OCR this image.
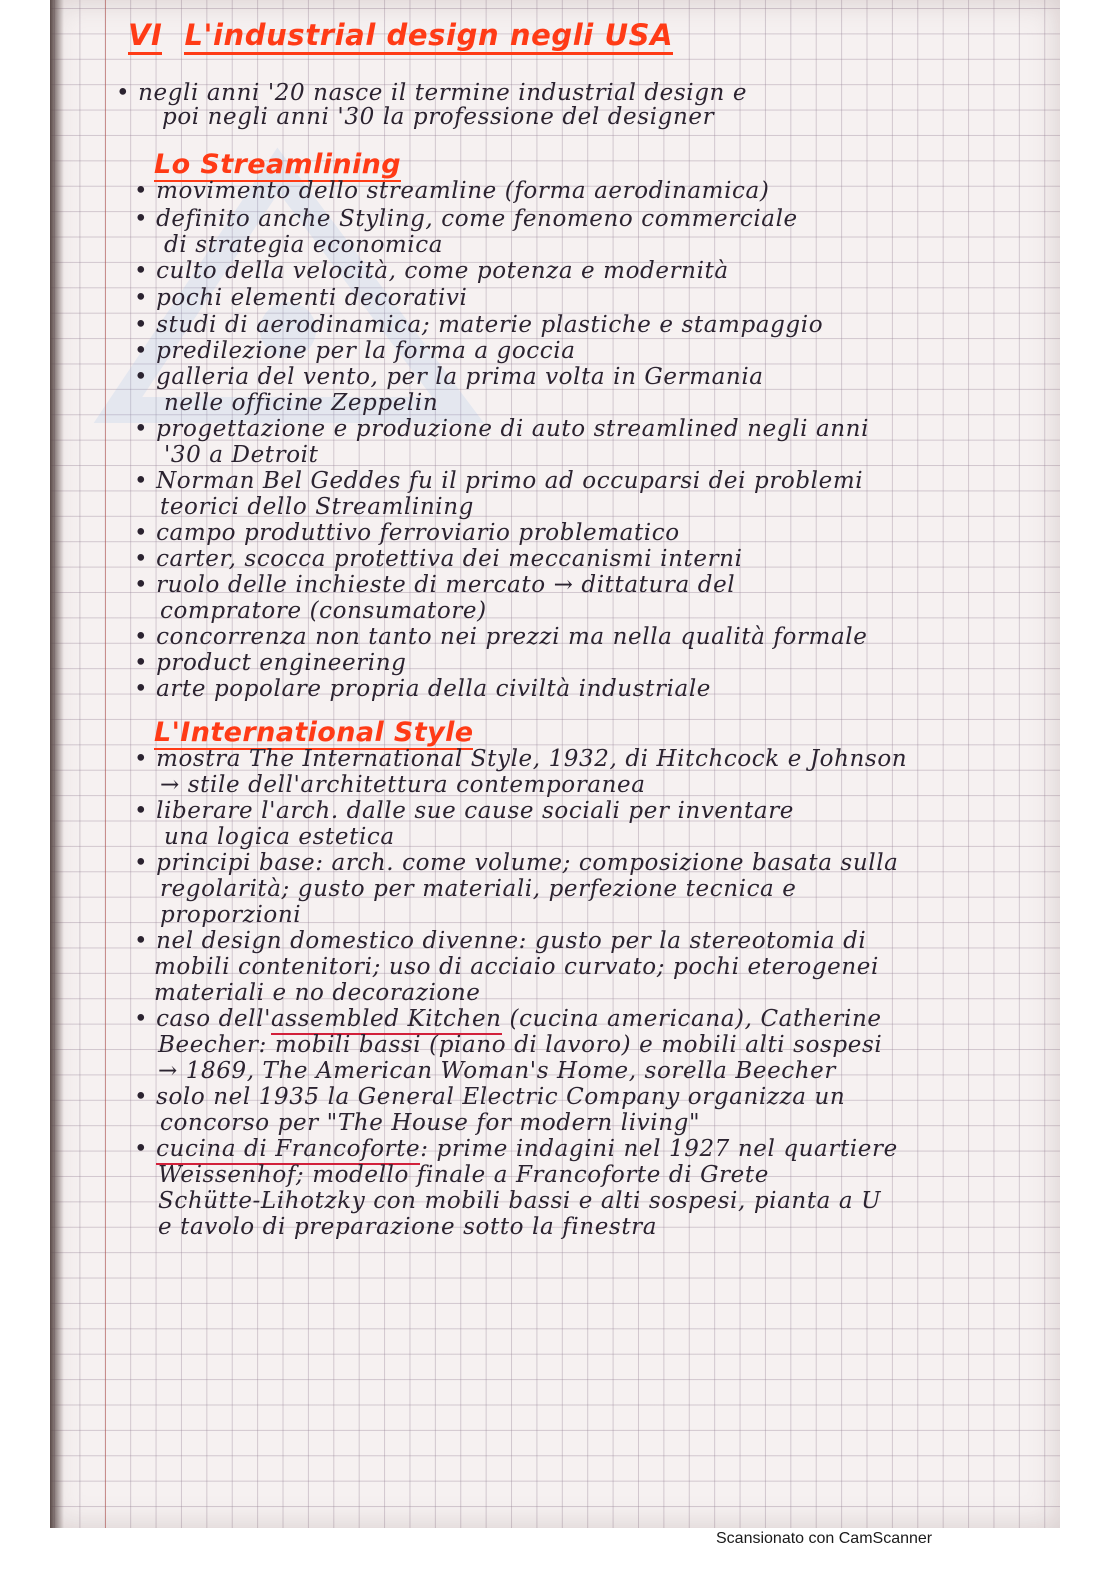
VI L'industrial design negli USA
• negli anni '20 nasce il termine industrial design e
poi negli anni '30 la professione del designer
Lo Streamlining
• movimento dello streamline (forma aerodinamica)
• definito anche Styling, come fenomeno commerciale
di strategia economica
• culto della velocità, come potenza e modernità
• pochi elementi decorativi
• studi di aerodinamica; materie plastiche e stampaggio
• predilezione per la forma a goccia
• galleria del vento, per la prima volta in Germania
nelle officine Zeppelin
• progettazione e produzione di auto streamlined negli anni
'30 a Detroit
• Norman Bel Geddes fu il primo ad occuparsi dei problemi
teorici dello Streamlining
• campo produttivo ferroviario problematico
• carter, scocca protettiva dei meccanismi interni
• ruolo delle inchieste di mercato → dittatura del
compratore (consumatore)
• concorrenza non tanto nei prezzi ma nella qualità formale
• product engineering
• arte popolare propria della civiltà industriale
L'International Style
• mostra The International Style, 1932, di Hitchcock e Johnson
→ stile dell'architettura contemporanea
• liberare l'arch. dalle sue cause sociali per inventare
una logica estetica
• principi base: arch. come volume; composizione basata sulla
regolarità; gusto per materiali, perfezione tecnica e
proporzioni
• nel design domestico divenne: gusto per la stereotomia di
mobili contenitori; uso di acciaio curvato; pochi eterogenei
materiali e no decorazione
• caso dell'assembled Kitchen (cucina americana), Catherine
Beecher: mobili bassi (piano di lavoro) e mobili alti sospesi
→ 1869, The American Woman's Home, sorella Beecher
• solo nel 1935 la General Electric Company organizza un
concorso per "The House for modern living"
• cucina di Francoforte: prime indagini nel 1927 nel quartiere
Weissenhof; modello finale a Francoforte di Grete
Schütte-Lihotzky con mobili bassi e alti sospesi, pianta a U
e tavolo di preparazione sotto la finestra
Scansionato con CamScanner
